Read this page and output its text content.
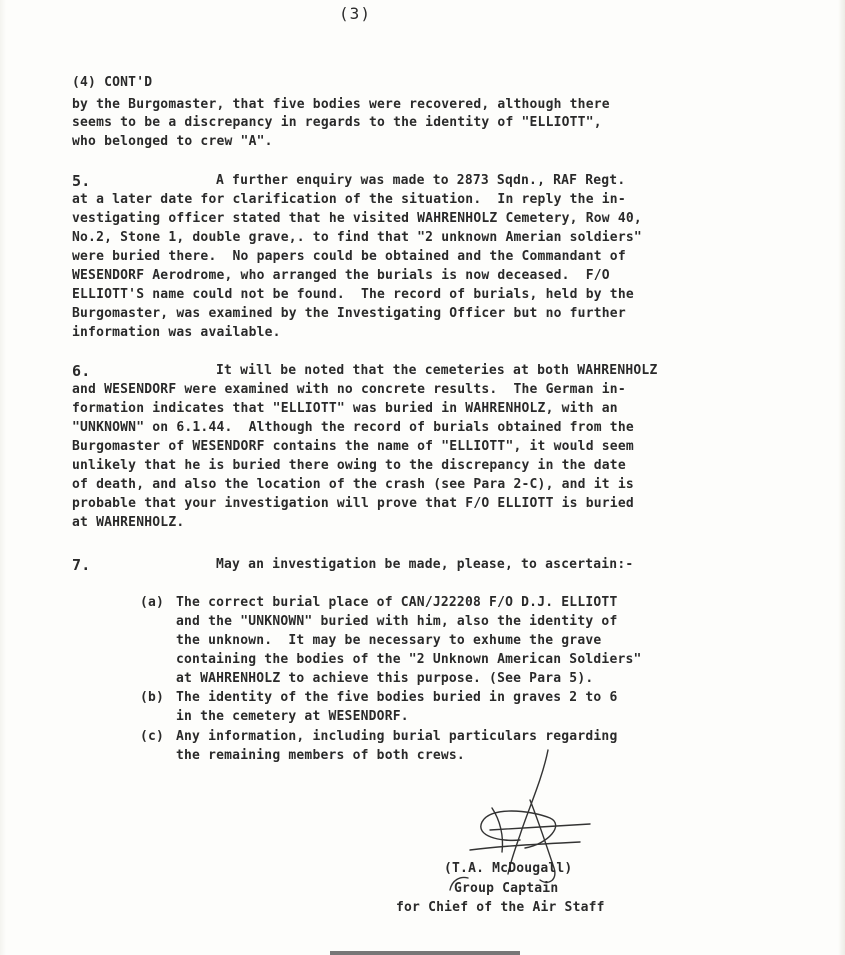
(3)
(4) CONT'D
by the Burgomaster, that five bodies were recovered, although there
seems to be a discrepancy in regards to the identity of "ELLIOTT",
who belonged to crew "A".
5.	A further enquiry was made to 2873 Sqdn., RAF Regt.
at a later date for clarification of the situation.  In reply the in-
vestigating officer stated that he visited WAHRENHOLZ Cemetery, Row 40,
No.2, Stone 1, double grave,. to find that "2 unknown Amerian soldiers"
were buried there.  No papers could be obtained and the Commandant of
WESENDORF Aerodrome, who arranged the burials is now deceased.  F/O
ELLIOTT'S name could not be found.  The record of burials, held by the
Burgomaster, was examined by the Investigating Officer but no further
information was available.
6.	It will be noted that the cemeteries at both WAHRENHOLZ
and WESENDORF were examined with no concrete results.  The German in-
formation indicates that "ELLIOTT" was buried in WAHRENHOLZ, with an
"UNKNOWN" on 6.1.44.  Although the record of burials obtained from the
Burgomaster of WESENDORF contains the name of "ELLIOTT", it would seem
unlikely that he is buried there owing to the discrepancy in the date
of death, and also the location of the crash (see Para 2-C), and it is
probable that your investigation will prove that F/O ELLIOTT is buried
at WAHRENHOLZ.
7.	May an investigation be made, please, to ascertain:-
(a) The correct burial place of CAN/J22208 F/O D.J. ELLIOTT
and the "UNKNOWN" buried with him, also the identity of
the unknown.  It may be necessary to exhume the grave
containing the bodies of the "2 Unknown American Soldiers"
at WAHRENHOLZ to achieve this purpose. (See Para 5).
(b) The identity of the five bodies buried in graves 2 to 6
in the cemetery at WESENDORF.
(c) Any information, including burial particulars regarding
the remaining members of both crews.
(T.A. McDougall)
Group Captain
for Chief of the Air Staff
